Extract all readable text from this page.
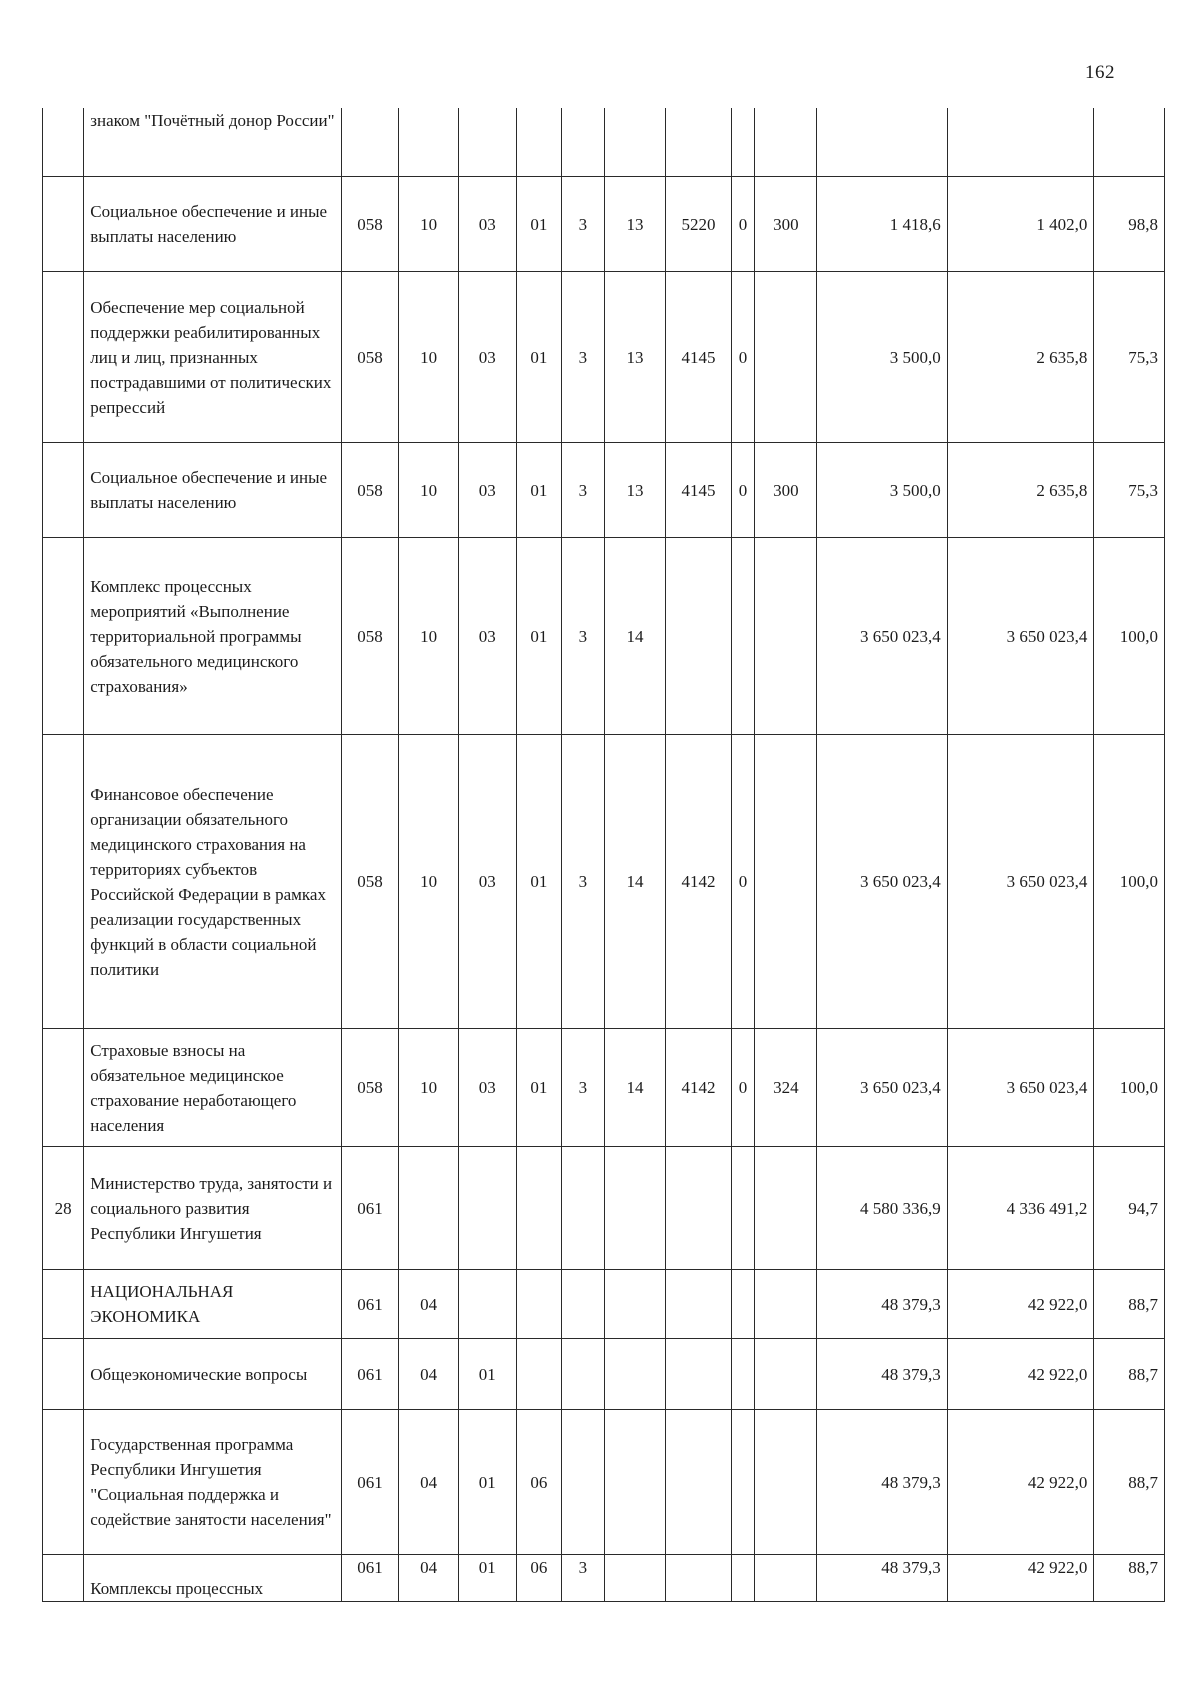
162
	знаком "Почётный донор России"												
	Социальное обеспечение и иные выплаты населению	058	10	03	01	3	13	5220	0	300	1 418,6	1 402,0	98,8
	Обеспечение мер социальной поддержки реабилитированных лиц и лиц, признанных пострадавшими от политических репрессий	058	10	03	01	3	13	4145	0		3 500,0	2 635,8	75,3
	Социальное обеспечение и иные выплаты населению	058	10	03	01	3	13	4145	0	300	3 500,0	2 635,8	75,3
	Комплекс процессных мероприятий «Выполнение территориальной программы обязательного медицинского страхования»	058	10	03	01	3	14				3 650 023,4	3 650 023,4	100,0
	Финансовое обеспечение организации обязательного медицинского страхования на территориях субъектов Российской Федерации в рамках реализации государственных функций в области социальной политики	058	10	03	01	3	14	4142	0		3 650 023,4	3 650 023,4	100,0
	Страховые взносы на обязательное медицинское страхование неработающего населения	058	10	03	01	3	14	4142	0	324	3 650 023,4	3 650 023,4	100,0
28	Министерство труда, занятости и социального развития Республики Ингушетия	061									4 580 336,9	4 336 491,2	94,7
	НАЦИОНАЛЬНАЯ ЭКОНОМИКА	061	04								48 379,3	42 922,0	88,7
	Общеэкономические вопросы	061	04	01							48 379,3	42 922,0	88,7
	Государственная программа Республики Ингушетия "Социальная поддержка и содействие занятости населения"	061	04	01	06						48 379,3	42 922,0	88,7
	Комплексы процессных	061	04	01	06	3					48 379,3	42 922,0	88,7
